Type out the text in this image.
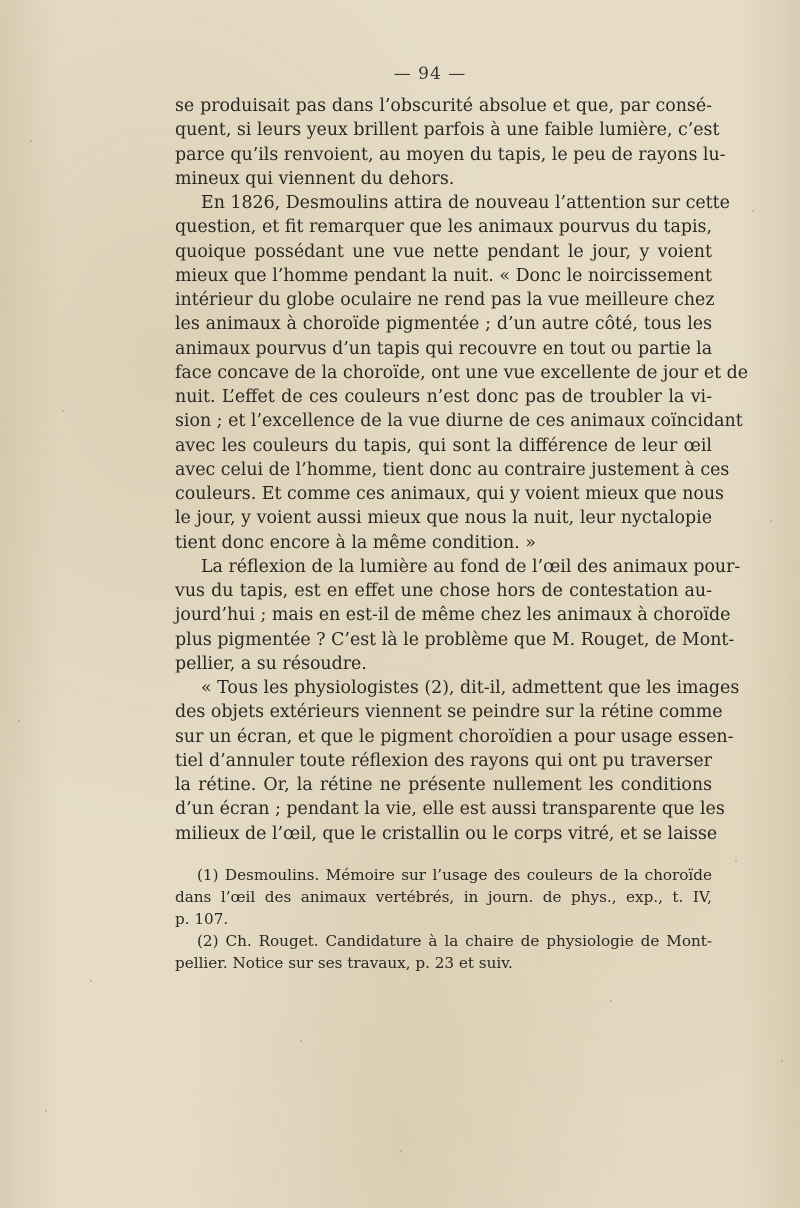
— 94 —
se produisait pas dans l’obscurité absolue et que, par consé-
quent, si leurs yeux brillent parfois à une faible lumière, c’est
parce qu’ils renvoient, au moyen du tapis, le peu de rayons lu-
mineux qui viennent du dehors.
En 1826, Desmoulins attira de nouveau l’attention sur cette
question, et fit remarquer que les animaux pourvus du tapis,
quoique possédant une vue nette pendant le jour, y voient
mieux que l’homme pendant la nuit. « Donc le noircissement
intérieur du globe oculaire ne rend pas la vue meilleure chez
les animaux à choroïde pigmentée ; d’un autre côté, tous les
animaux pourvus d’un tapis qui recouvre en tout ou partie la
face concave de la choroïde, ont une vue excellente de jour et de
nuit. L’effet de ces couleurs n’est donc pas de troubler la vi-
sion ; et l’excellence de la vue diurne de ces animaux coïncidant
avec les couleurs du tapis, qui sont la différence de leur œil
avec celui de l’homme, tient donc au contraire justement à ces
couleurs. Et comme ces animaux, qui y voient mieux que nous
le jour, y voient aussi mieux que nous la nuit, leur nyctalopie
tient donc encore à la même condition. »
La réflexion de la lumière au fond de l’œil des animaux pour-
vus du tapis, est en effet une chose hors de contestation au-
jourd’hui ; mais en est-il de même chez les animaux à choroïde
plus pigmentée ? C’est là le problème que M. Rouget, de Mont-
pellier, a su résoudre.
« Tous les physiologistes (2), dit-il, admettent que les images
des objets extérieurs viennent se peindre sur la rétine comme
sur un écran, et que le pigment choroïdien a pour usage essen-
tiel d’annuler toute réflexion des rayons qui ont pu traverser
la rétine. Or, la rétine ne présente nullement les conditions
d’un écran ; pendant la vie, elle est aussi transparente que les
milieux de l’œil, que le cristallin ou le corps vitré, et se laisse
(1) Desmoulins. Mémoire sur l’usage des couleurs de la choroïde
dans l’œil des animaux vertébrés, in journ. de phys., exp., t. IV,
p. 107.
(2) Ch. Rouget. Candidature à la chaire de physiologie de Mont-
pellier. Notice sur ses travaux, p. 23 et suiv.
